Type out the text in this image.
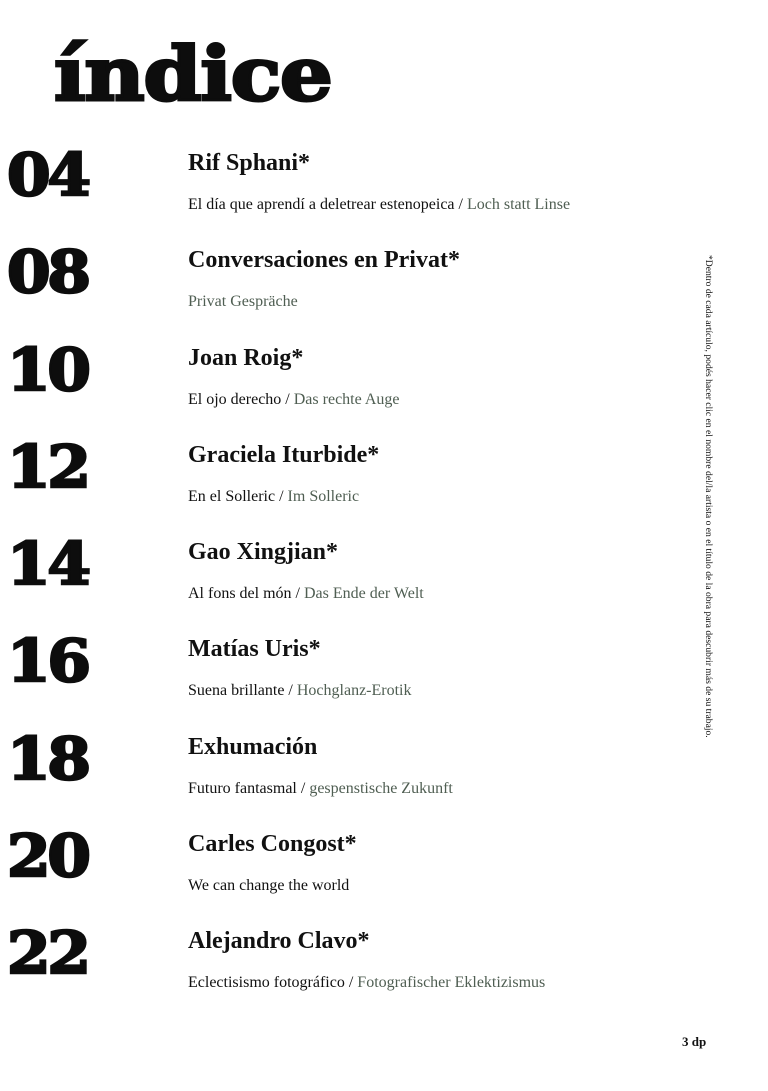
índice
04	Rif Sphani*
El día que aprendí a deletrear estenopeica / Loch statt Linse
08	Conversaciones en Privat*
Privat Gespräche
10	Joan Roig*
El ojo derecho / Das rechte Auge
12	Graciela Iturbide*
En el Solleric / Im Solleric
14	Gao Xingjian*
Al fons del món / Das Ende der Welt
16	Matías Uris*
Suena brillante / Hochglanz-Erotik
18	Exhumación
Futuro fantasmal / gespenstische Zukunft
20	Carles Congost*
We can change the world
22	Alejandro Clavo*
Eclectisismo fotográfico / Fotografischer Eklektizismus
*Dentro de cada artículo, podés hacer clic en el nombre del/la artista o en el título de la obra para descubrir más de su trabajo.
3 dp
